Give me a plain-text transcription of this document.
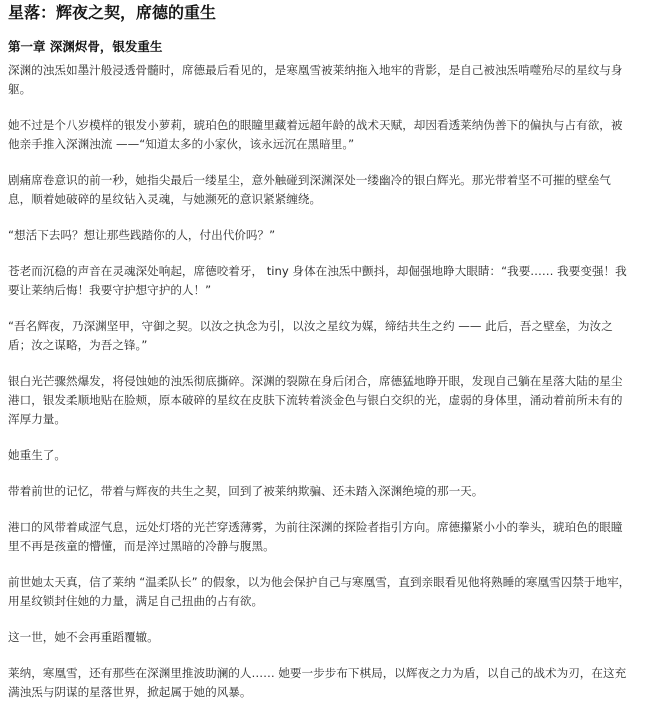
星落：辉夜之契，席德的重生
第一章 深渊烬骨，银发重生

深渊的浊炁如墨汁般浸透骨髓时，席德最后看见的，是寒凰雪被莱纳拖入地牢的背影，是自己被浊炁啃噬殆尽的星纹与身躯。

她不过是个八岁模样的银发小萝莉，琥珀色的眼瞳里藏着远超年龄的战术天赋，却因看透莱纳伪善下的偏执与占有欲，被他亲手推入深渊浊流 ——“知道太多的小家伙，该永远沉在黑暗里。”

剧痛席卷意识的前一秒，她指尖最后一缕星尘，意外触碰到深渊深处一缕幽冷的银白辉光。那光带着坚不可摧的壁垒气息，顺着她破碎的星纹钻入灵魂，与她濒死的意识紧紧缠绕。

“想活下去吗？想让那些践踏你的人，付出代价吗？”

苍老而沉稳的声音在灵魂深处响起，席德咬着牙， tiny 身体在浊炁中颤抖，却倔强地睁大眼睛：“我要…… 我要变强！我要让莱纳后悔！我要守护想守护的人！”

“吾名辉夜，乃深渊坚甲，守御之契。以汝之执念为引，以汝之星纹为媒，缔结共生之约 —— 此后，吾之壁垒，为汝之盾；汝之谋略，为吾之锋。”

银白光芒骤然爆发，将侵蚀她的浊炁彻底撕碎。深渊的裂隙在身后闭合，席德猛地睁开眼，发现自己躺在星落大陆的星尘港口，银发柔顺地贴在脸颊，原本破碎的星纹在皮肤下流转着淡金色与银白交织的光，虚弱的身体里，涌动着前所未有的浑厚力量。

她重生了。

带着前世的记忆，带着与辉夜的共生之契，回到了被莱纳欺骗、还未踏入深渊绝境的那一天。

港口的风带着咸涩气息，远处灯塔的光芒穿透薄雾，为前往深渊的探险者指引方向。席德攥紧小小的拳头，琥珀色的眼瞳里不再是孩童的懵懂，而是淬过黑暗的冷静与腹黑。

前世她太天真，信了莱纳 “温柔队长” 的假象，以为他会保护自己与寒凰雪，直到亲眼看见他将熟睡的寒凰雪囚禁于地牢，用星纹锁封住她的力量，满足自己扭曲的占有欲。

这一世，她不会再重蹈覆辙。

莱纳，寒凰雪，还有那些在深渊里推波助澜的人…… 她要一步步布下棋局，以辉夜之力为盾，以自己的战术为刃，在这充满浊炁与阴谋的星落世界，掀起属于她的风暴。
